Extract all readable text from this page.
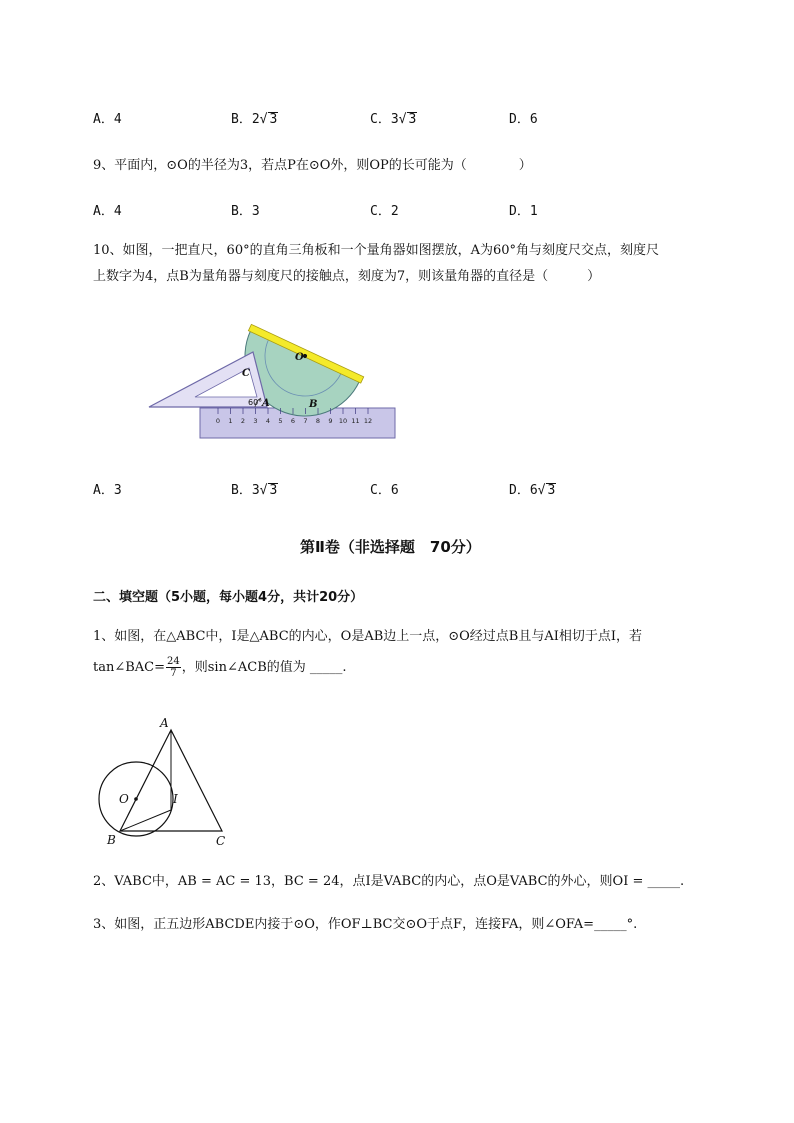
A．4	B．2√ 3	C．3√ 3	D．6
9、平面内，⊙O的半径为3，若点P在⊙O外，则OP的长可能为（　　　　）
A．4	B．3	C．2	D．1
10、如图，一把直尺，60°的直角三角板和一个量角器如图摆放，A为60°角与刻度尺交点，刻度尺
上数字为4，点B为量角器与刻度尺的接触点，刻度为7，则该量角器的直径是（　　　）
0 1 2 3 4 5 6 7 8 9 10 11 12
O
C
A	B
60°
A．3	B．3√ 3	C．6	D．6√ 3
第Ⅱ卷（非选择题　70分）
二、填空题（5小题，每小题4分，共计20分）
1、如图，在△ABC中，I是△ABC的内心，O是AB边上一点，⊙O经过点B且与AI相切于点I，若
tan∠BAC= $\frac{24}{7}$ ，则sin∠ACB的值为 _____.
A
O	I
B	C
2、VABC中，AB = AC = 13，BC = 24，点I是VABC的内心，点O是VABC的外心，则OI = _____.
3、如图，正五边形ABCDE内接于⊙O，作OF⊥BC交⊙O于点F，连接FA，则∠OFA=_____°.
